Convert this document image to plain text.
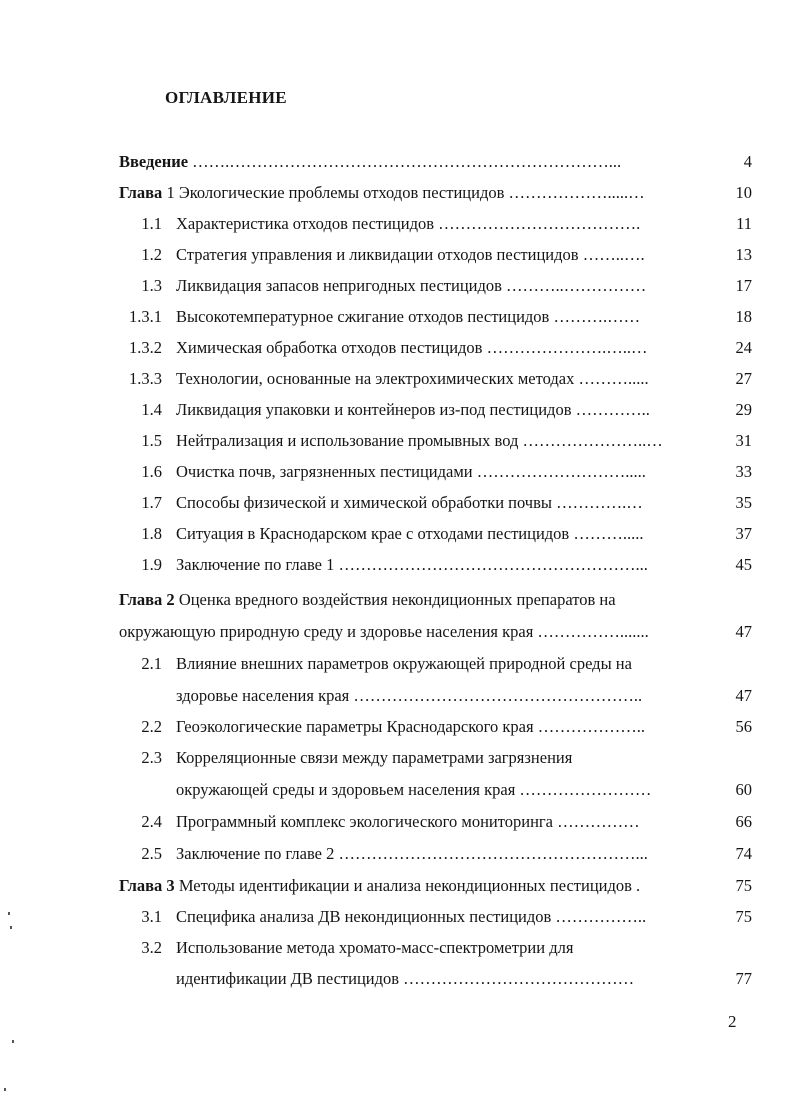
ОГЛАВЛЕНИЕ
Введение …….……………………………………………………………...	4
Глава 1 Экологические проблемы отходов пестицидов ……………….....…	10
1.1 Характеристика отходов пестицидов ……………………………….	11
1.2 Стратегия управления и ликвидации отходов пестицидов ……..….	13
1.3 Ликвидация запасов непригодных пестицидов ………..……………	17
1.3.1 Высокотемпературное сжигание отходов пестицидов ……….……	18
1.3.2 Химическая обработка отходов пестицидов ………………….…..…	24
1.3.3 Технологии, основанные на электрохимических методах ……….....	27
1.4 Ликвидация упаковки и контейнеров из-под пестицидов …………..	29
1.5 Нейтрализация и использование промывных вод …………………..…	31
1.6 Очистка почв, загрязненных пестицидами ……………………….....	33
1.7 Способы физической и химической обработки почвы ………….…	35
1.8 Ситуация в Краснодарском крае с отходами пестицидов ……….....	37
1.9 Заключение по главе 1 ………………………………………………...	45
Глава 2 Оценка вредного воздействия некондиционных препаратов на
окружающую природную среду и здоровье населения края …………….......	47
2.1 Влияние внешних параметров окружающей природной среды на
здоровье населения края ……………………………………………..	47
2.2 Геоэкологические параметры Краснодарского края ………………..	56
2.3 Корреляционные связи между параметрами загрязнения
окружающей среды и здоровьем населения края ……………………	60
2.4 Программный комплекс экологического мониторинга ……………	66
2.5 Заключение по главе 2 ………………………………………………...	74
Глава 3 Методы идентификации и анализа некондиционных пестицидов .	75
3.1 Специфика анализа ДВ некондиционных пестицидов ……………..	75
3.2 Использование метода хромато-масс-спектрометрии для
идентификации ДВ пестицидов ……………………………………	77
2
